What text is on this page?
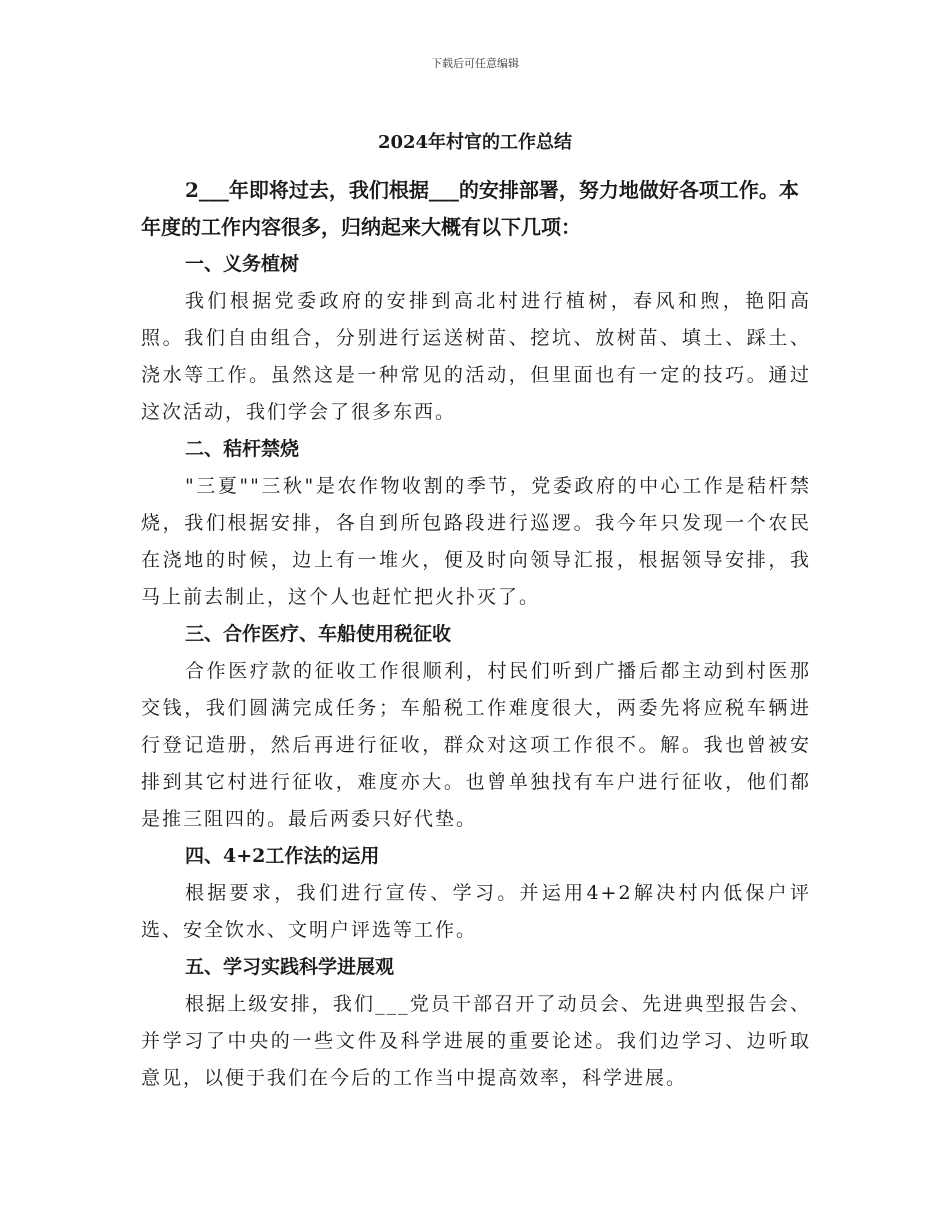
下载后可任意编辑
2024年村官的工作总结

2___年即将过去，我们根据___的安排部署，努力地做好各项工作。本年度的工作内容很多，归纳起来大概有以下几项：

一、义务植树

我们根据党委政府的安排到高北村进行植树，春风和煦，艳阳高照。我们自由组合，分别进行运送树苗、挖坑、放树苗、填土、踩土、浇水等工作。虽然这是一种常见的活动，但里面也有一定的技巧。通过这次活动，我们学会了很多东西。

二、秸杆禁烧

"三夏""三秋"是农作物收割的季节，党委政府的中心工作是秸杆禁烧，我们根据安排，各自到所包路段进行巡逻。我今年只发现一个农民在浇地的时候，边上有一堆火，便及时向领导汇报，根据领导安排，我马上前去制止，这个人也赶忙把火扑灭了。

三、合作医疗、车船使用税征收

合作医疗款的征收工作很顺利，村民们听到广播后都主动到村医那交钱，我们圆满完成任务；车船税工作难度很大，两委先将应税车辆进行登记造册，然后再进行征收，群众对这项工作很不。解。我也曾被安排到其它村进行征收，难度亦大。也曾单独找有车户进行征收，他们都是推三阻四的。最后两委只好代垫。

四、4+2工作法的运用

根据要求，我们进行宣传、学习。并运用4+2解决村内低保户评选、安全饮水、文明户评选等工作。

五、学习实践科学进展观

根据上级安排，我们___党员干部召开了动员会、先进典型报告会、并学习了中央的一些文件及科学进展的重要论述。我们边学习、边听取意见，以便于我们在今后的工作当中提高效率，科学进展。
